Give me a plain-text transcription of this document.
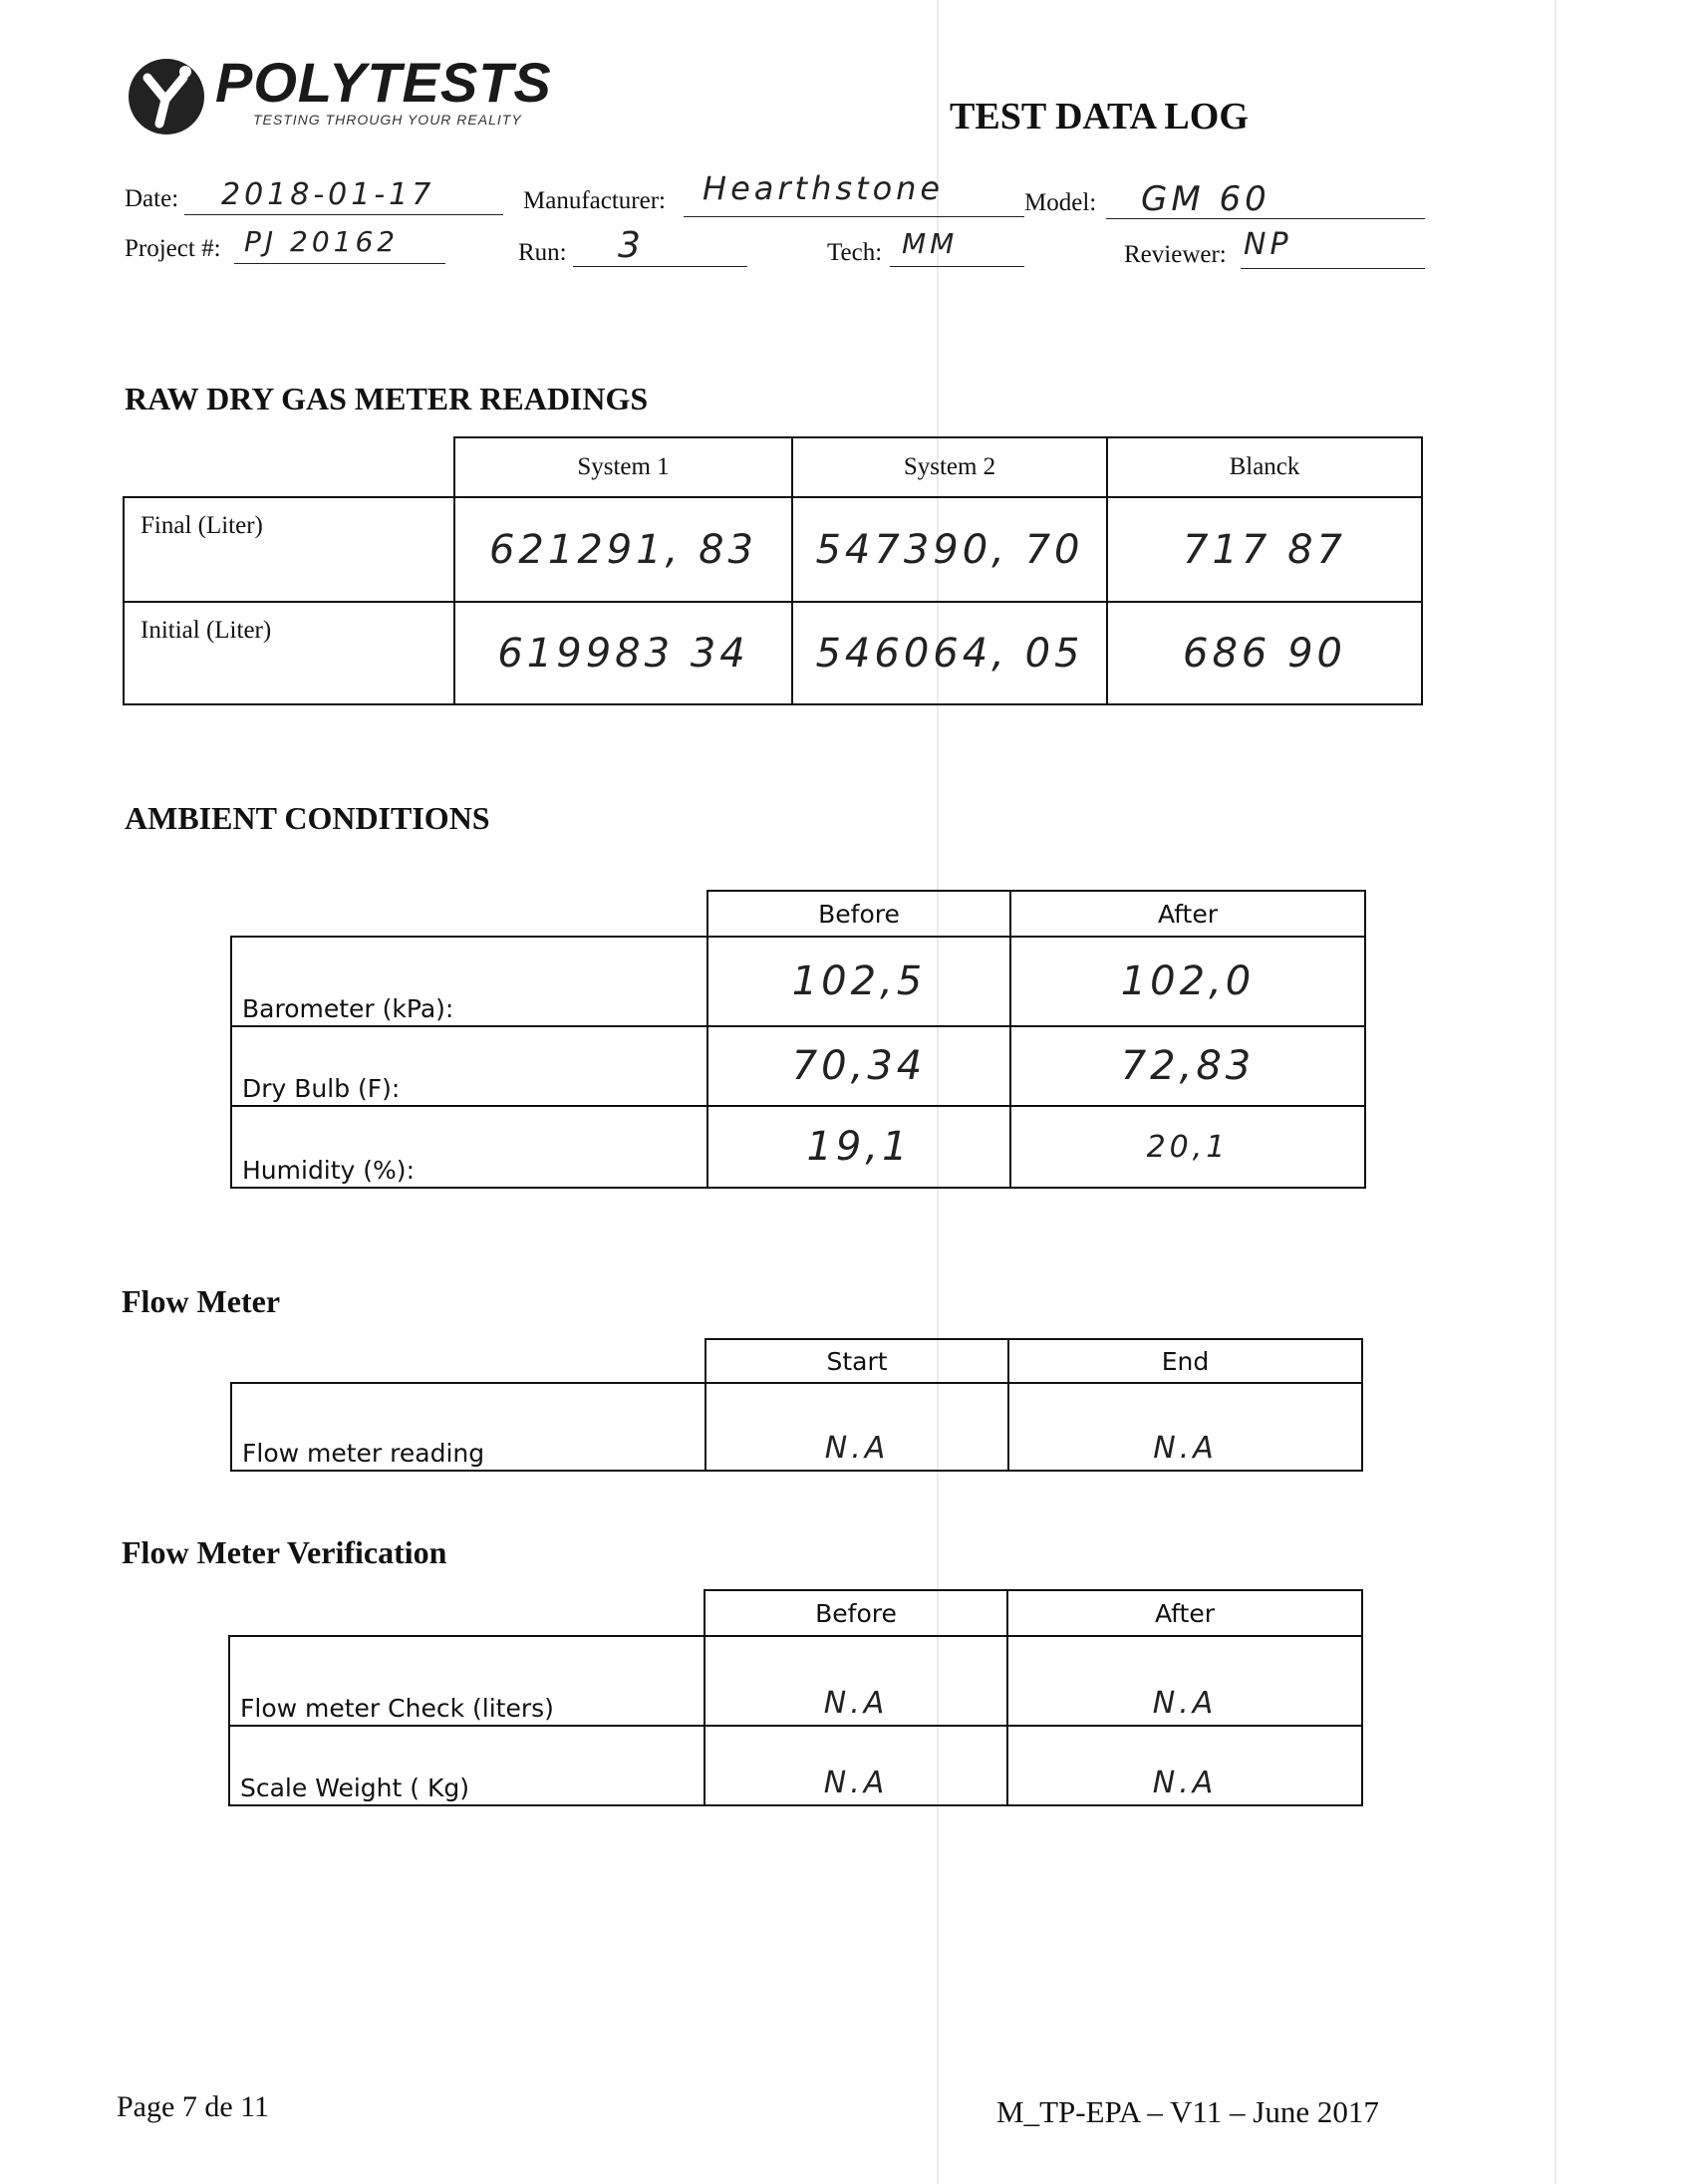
POLYTESTS
TESTING THROUGH YOUR REALITY	TEST DATA LOG
Date: 2018-01-17	Manufacturer: Hearthstone	Model: GM 60
Project #: PJ 20162	Run: 3	Tech: MM	Reviewer: NP
RAW DRY GAS METER READINGS
	System 1	System 2	Blanck
Final (Liter)	621291, 83	547390, 70	717 87
Initial (Liter)	619983 34	546064, 05	686 90
AMBIENT CONDITIONS
	Before	After
Barometer (kPa):	102,5	102,0
Dry Bulb (F):	70,34	72,83
Humidity (%):	19,1	20,1
Flow Meter
	Start	End
Flow meter reading	N.A	N.A
Flow Meter Verification
	Before	After
Flow meter Check (liters)	N.A	N.A
Scale Weight ( Kg)	N.A	N.A
Page 7 de 11	M_TP-EPA – V11 – June 2017
